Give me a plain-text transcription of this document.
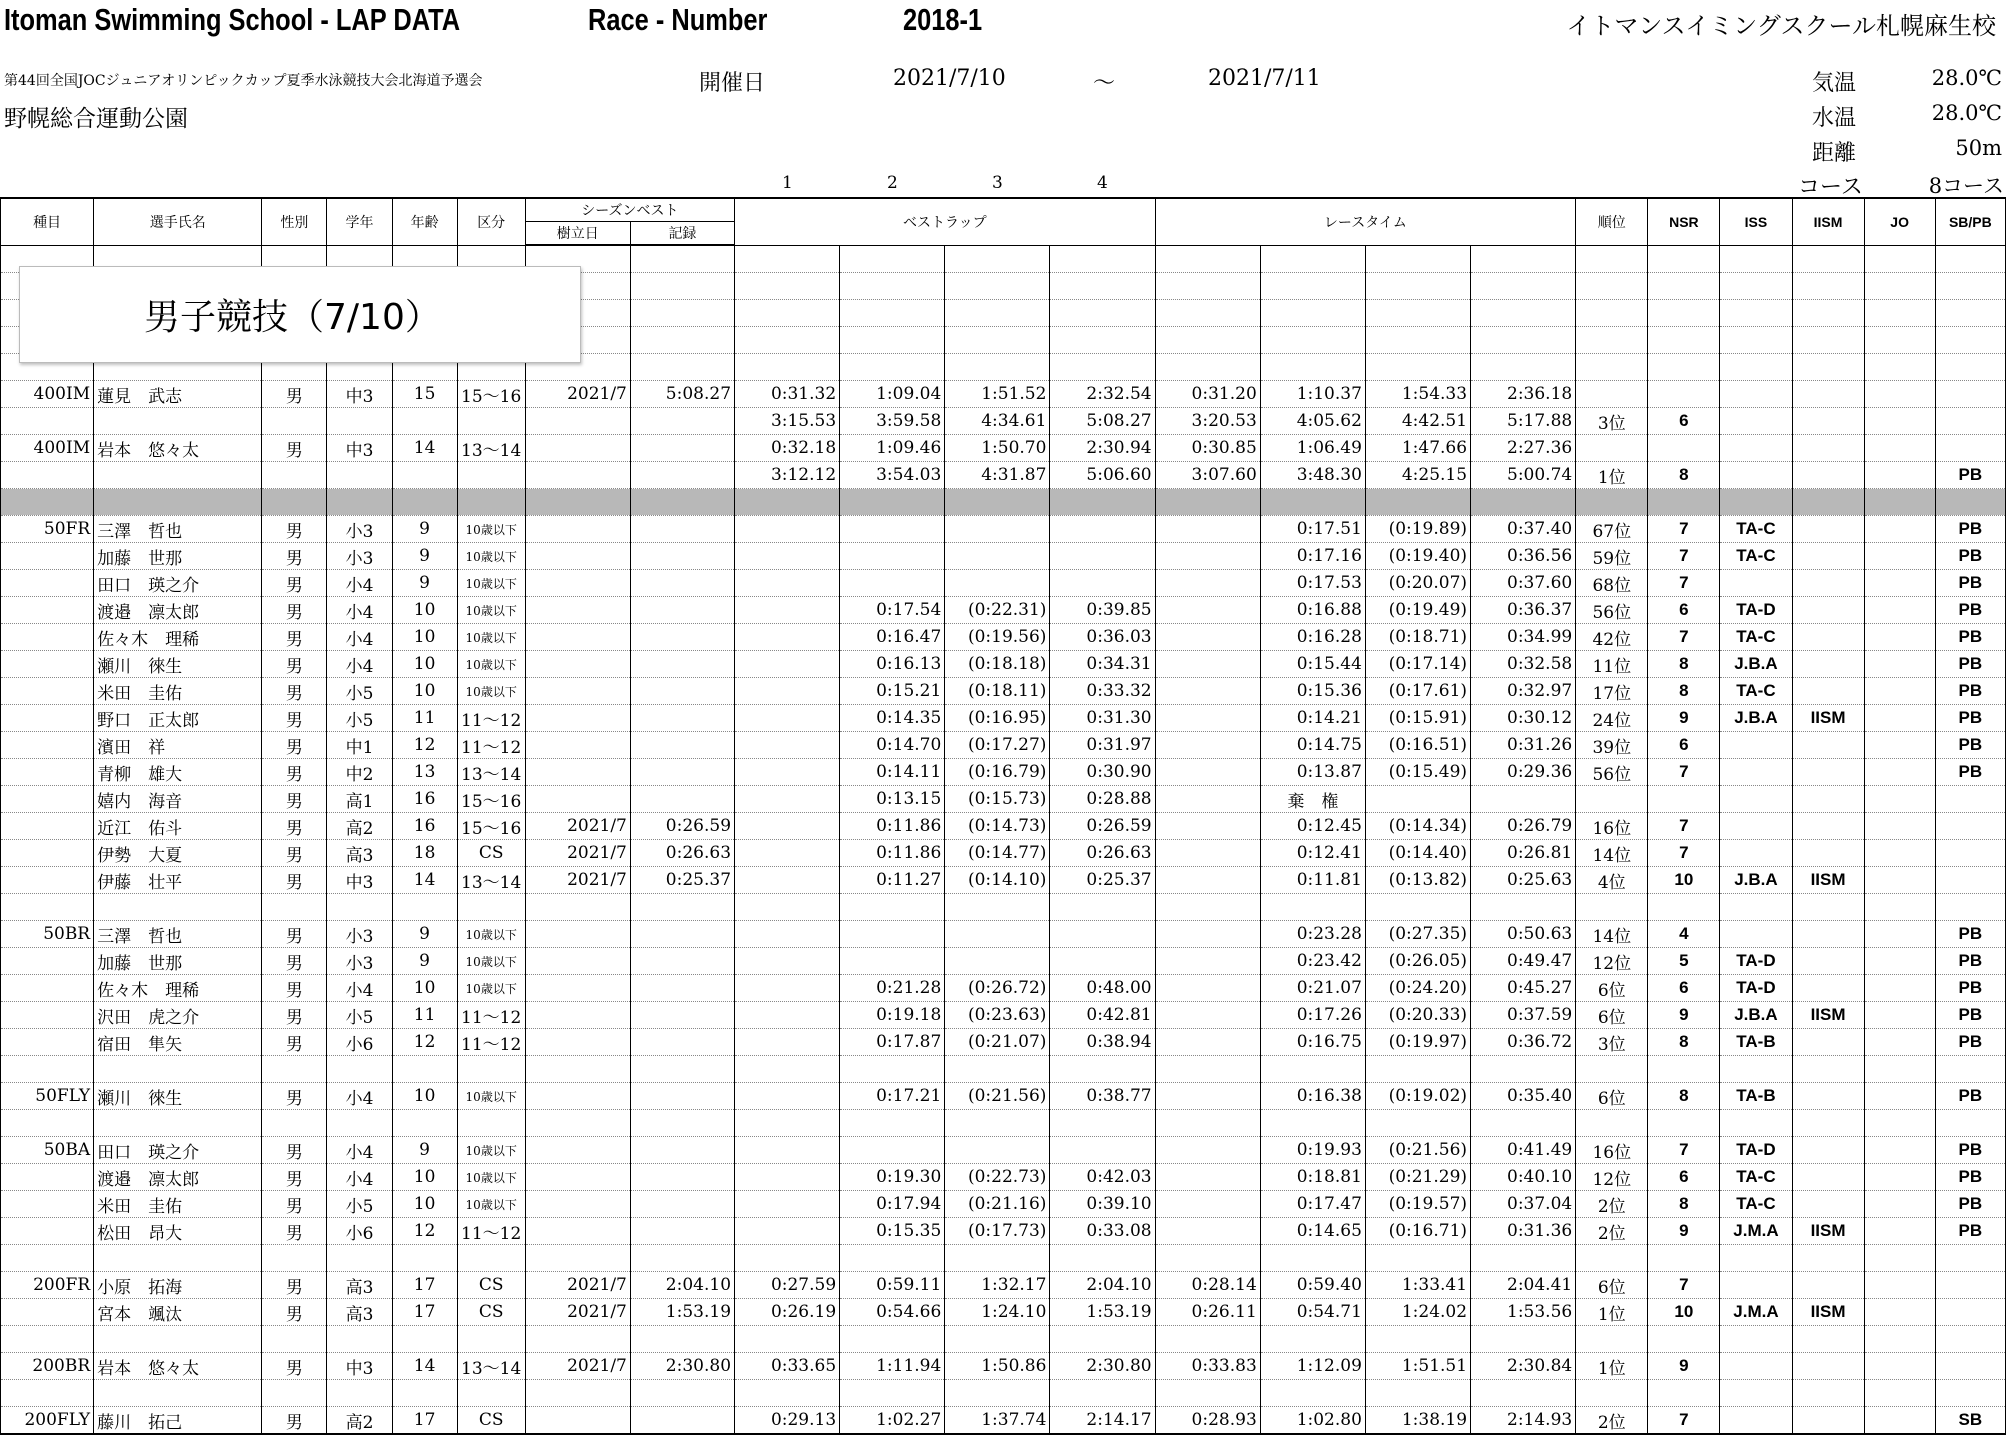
Itoman Swimming School - LAP DATA	Race - Number	2018-1	イトマンスイミングスクール札幌麻生校
第44回全国JOCジュニアオリンピックカップ夏季水泳競技大会北海道予選会
野幌総合運動公園
開催日	2021/7/10	～	2021/7/11	気温	28.0℃
水温	28.0℃
距離	50m
コース	8コース
1	2	3	4
種目	選手氏名	性別	学年	年齢	区分	シーズンベスト		ベストラップ				レースタイム				順位	NSR	ISS	IISM	JO	SB/PB
						樹立日	記録														

400IM	蓮見　武志	男	中3	15	15～16	2021/7	5:08.27	0:31.32	1:09.04	1:51.52	2:32.54	0:31.20	1:10.37	1:54.33	2:36.18						
								3:15.53	3:59.58	4:34.61	5:08.27	3:20.53	4:05.62	4:42.51	5:17.88	3位	6				
400IM	岩本　悠々太	男	中3	14	13～14			0:32.18	1:09.46	1:50.70	2:30.94	0:30.85	1:06.49	1:47.66	2:27.36						
								3:12.12	3:54.03	4:31.87	5:06.60	3:07.60	3:48.30	4:25.15	5:00.74	1位	8				PB

50FR	三澤　哲也	男	小3	9	10歳以下								0:17.51	(0:19.89)	0:37.40	67位	7	TA-C			PB
	加藤　世那	男	小3	9	10歳以下								0:17.16	(0:19.40)	0:36.56	59位	7	TA-C			PB
	田口　瑛之介	男	小4	9	10歳以下								0:17.53	(0:20.07)	0:37.60	68位	7				PB
	渡邉　凛太郎	男	小4	10	10歳以下				0:17.54	(0:22.31)	0:39.85		0:16.88	(0:19.49)	0:36.37	56位	6	TA-D			PB
	佐々木　理稀	男	小4	10	10歳以下				0:16.47	(0:19.56)	0:36.03		0:16.28	(0:18.71)	0:34.99	42位	7	TA-C			PB
	瀬川　徠生	男	小4	10	10歳以下				0:16.13	(0:18.18)	0:34.31		0:15.44	(0:17.14)	0:32.58	11位	8	J.B.A			PB
	米田　圭佑	男	小5	10	10歳以下				0:15.21	(0:18.11)	0:33.32		0:15.36	(0:17.61)	0:32.97	17位	8	TA-C			PB
	野口　正太郎	男	小5	11	11～12				0:14.35	(0:16.95)	0:31.30		0:14.21	(0:15.91)	0:30.12	24位	9	J.B.A	IISM		PB
	濱田　祥	男	中1	12	11～12				0:14.70	(0:17.27)	0:31.97		0:14.75	(0:16.51)	0:31.26	39位	6				PB
	青柳　雄大	男	中2	13	13～14				0:14.11	(0:16.79)	0:30.90		0:13.87	(0:15.49)	0:29.36	56位	7				PB
	嬉内　海音	男	高1	16	15～16				0:13.15	(0:15.73)	0:28.88		棄　権								
	近江　佑斗	男	高2	16	15～16	2021/7	0:26.59		0:11.86	(0:14.73)	0:26.59		0:12.45	(0:14.34)	0:26.79	16位	7				
	伊勢　大夏	男	高3	18	CS	2021/7	0:26.63		0:11.86	(0:14.77)	0:26.63		0:12.41	(0:14.40)	0:26.81	14位	7				
	伊藤　壮平	男	中3	14	13～14	2021/7	0:25.37		0:11.27	(0:14.10)	0:25.37		0:11.81	(0:13.82)	0:25.63	4位	10	J.B.A	IISM		

50BR	三澤　哲也	男	小3	9	10歳以下								0:23.28	(0:27.35)	0:50.63	14位	4				PB
	加藤　世那	男	小3	9	10歳以下								0:23.42	(0:26.05)	0:49.47	12位	5	TA-D			PB
	佐々木　理稀	男	小4	10	10歳以下				0:21.28	(0:26.72)	0:48.00		0:21.07	(0:24.20)	0:45.27	6位	6	TA-D			PB
	沢田　虎之介	男	小5	11	11～12				0:19.18	(0:23.63)	0:42.81		0:17.26	(0:20.33)	0:37.59	6位	9	J.B.A	IISM		PB
	宿田　隼矢	男	小6	12	11～12				0:17.87	(0:21.07)	0:38.94		0:16.75	(0:19.97)	0:36.72	3位	8	TA-B			PB

50FLY	瀬川　徠生	男	小4	10	10歳以下				0:17.21	(0:21.56)	0:38.77		0:16.38	(0:19.02)	0:35.40	6位	8	TA-B			PB

50BA	田口　瑛之介	男	小4	9	10歳以下								0:19.93	(0:21.56)	0:41.49	16位	7	TA-D			PB
	渡邉　凛太郎	男	小4	10	10歳以下				0:19.30	(0:22.73)	0:42.03		0:18.81	(0:21.29)	0:40.10	12位	6	TA-C			PB
	米田　圭佑	男	小5	10	10歳以下				0:17.94	(0:21.16)	0:39.10		0:17.47	(0:19.57)	0:37.04	2位	8	TA-C			PB
	松田　昂大	男	小6	12	11～12				0:15.35	(0:17.73)	0:33.08		0:14.65	(0:16.71)	0:31.36	2位	9	J.M.A	IISM		PB

200FR	小原　拓海	男	高3	17	CS	2021/7	2:04.10	0:27.59	0:59.11	1:32.17	2:04.10	0:28.14	0:59.40	1:33.41	2:04.41	6位	7				
	宮本　颯汰	男	高3	17	CS	2021/7	1:53.19	0:26.19	0:54.66	1:24.10	1:53.19	0:26.11	0:54.71	1:24.02	1:53.56	1位	10	J.M.A	IISM		

200BR	岩本　悠々太	男	中3	14	13～14	2021/7	2:30.80	0:33.65	1:11.94	1:50.86	2:30.80	0:33.83	1:12.09	1:51.51	2:30.84	1位	9				

200FLY	藤川　拓己	男	高2	17	CS			0:29.13	1:02.27	1:37.74	2:14.17	0:28.93	1:02.80	1:38.19	2:14.93	2位	7				SB
男子競技（7/10）
